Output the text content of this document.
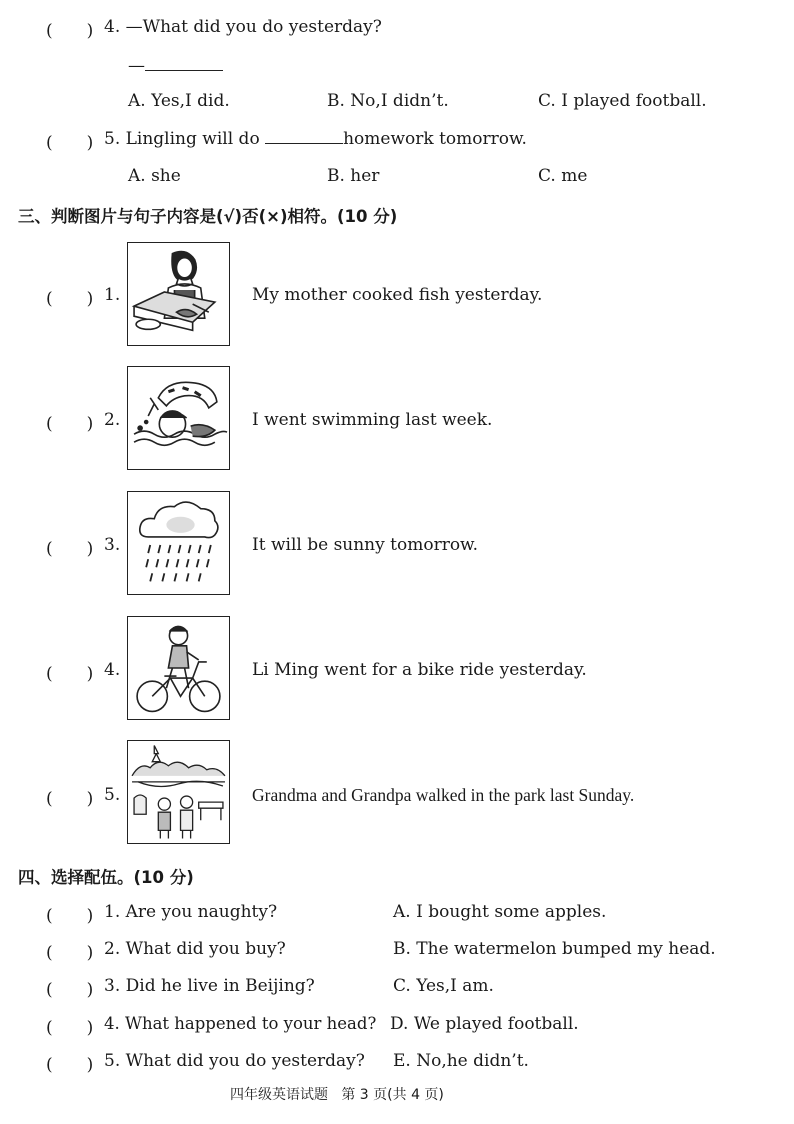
(　　) 4. —What did you do yesterday?
—
A. Yes,I did.	B. No,I didn’t.	C. I played football.
(　　) 5. Lingling will do	homework tomorrow.
A. she	B. her	C. me
三、判断图片与句子内容是(√)否(×)相符。(10 分)
(　　) 1.	My mother cooked fish yesterday.
(　　) 2.	I went swimming last week.
(　　) 3.	It will be sunny tomorrow.
(　　) 4.	Li Ming went for a bike ride yesterday.
(　　) 5.	Grandma and Grandpa walked in the park last Sunday.
四、选择配伍。(10 分)
(　　) 1. Are you naughty?	A. I bought some apples.
(　　) 2. What did you buy?	B. The watermelon bumped my head.
(　　) 3. Did he live in Beijing?	C. Yes,I am.
(　　) 4. What happened to your head? D. We played football.
(　　) 5. What did you do yesterday? E. No,he didn’t.
四年级英语试题 第 3 页(共 4 页)
